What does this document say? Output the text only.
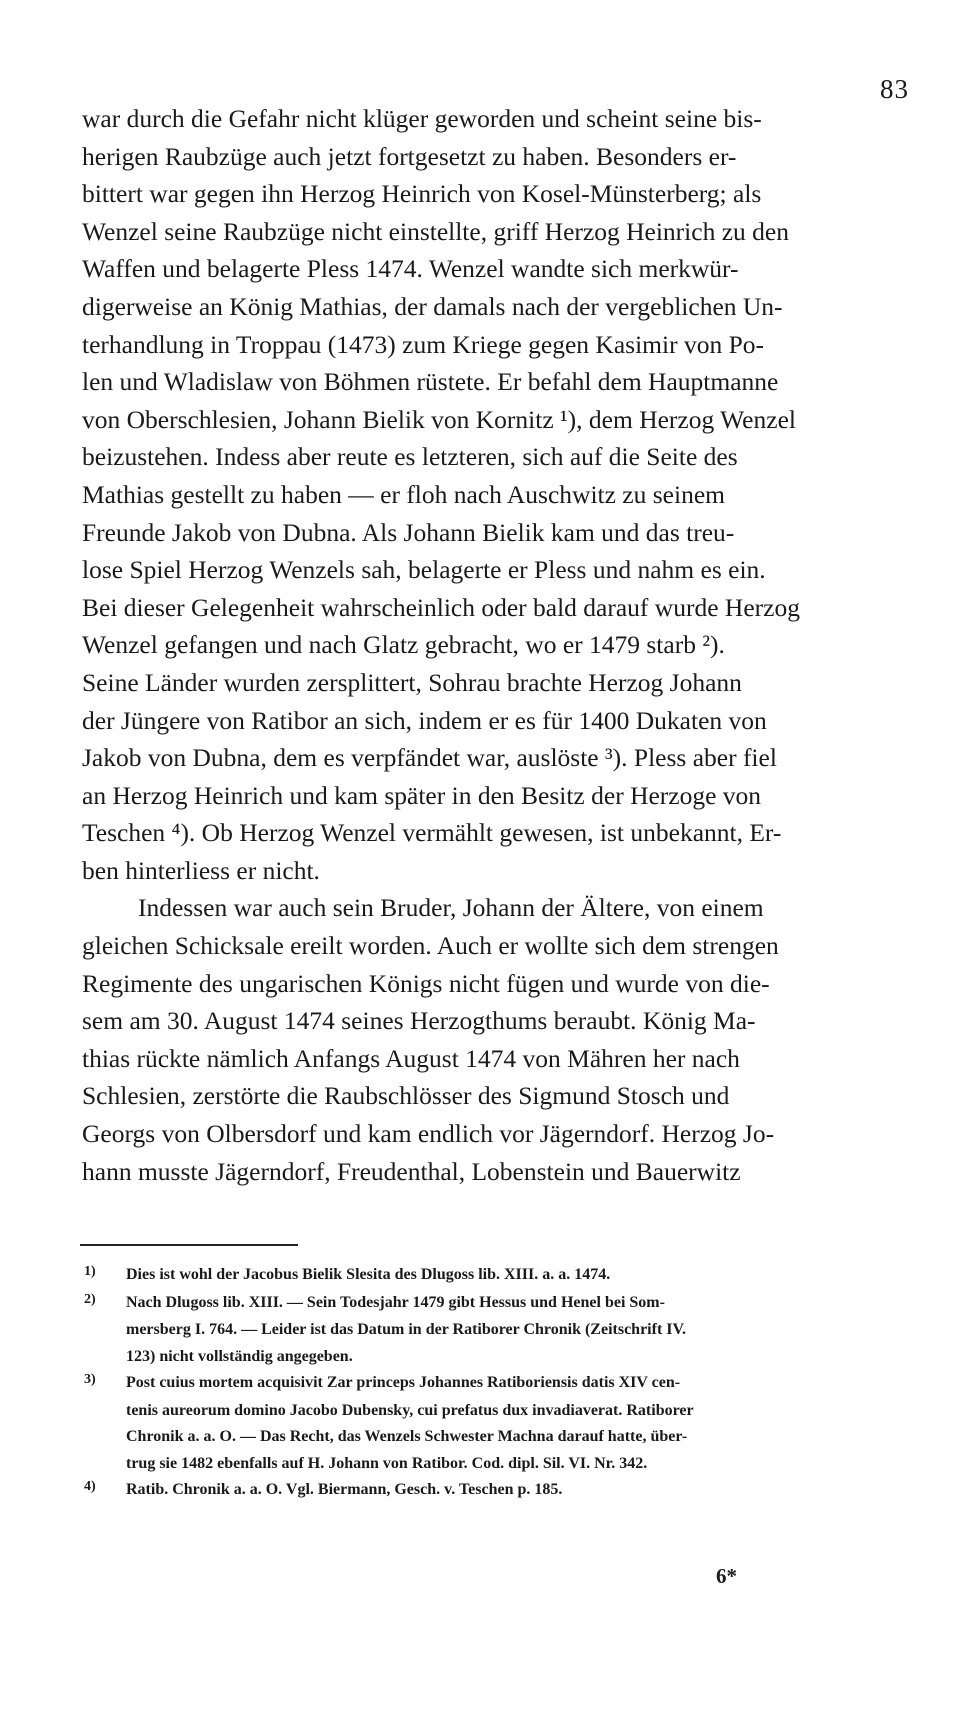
83

war durch die Gefahr nicht klüger geworden und scheint seine bis-
herigen Raubzüge auch jetzt fortgesetzt zu haben. Besonders er-
bittert war gegen ihn Herzog Heinrich von Kosel-Münsterberg; als
Wenzel seine Raubzüge nicht einstellte, griff Herzog Heinrich zu den
Waffen und belagerte Pless 1474. Wenzel wandte sich merkwür-
digerweise an König Mathias, der damals nach der vergeblichen Un-
terhandlung in Troppau (1473) zum Kriege gegen Kasimir von Po-
len und Wladislaw von Böhmen rüstete. Er befahl dem Hauptmanne
von Oberschlesien, Johann Bielik von Kornitz ¹), dem Herzog Wenzel
beizustehen. Indess aber reute es letzteren, sich auf die Seite des
Mathias gestellt zu haben — er floh nach Auschwitz zu seinem
Freunde Jakob von Dubna. Als Johann Bielik kam und das treu-
lose Spiel Herzog Wenzels sah, belagerte er Pless und nahm es ein.
Bei dieser Gelegenheit wahrscheinlich oder bald darauf wurde Herzog
Wenzel gefangen und nach Glatz gebracht, wo er 1479 starb ²).
Seine Länder wurden zersplittert, Sohrau brachte Herzog Johann
der Jüngere von Ratibor an sich, indem er es für 1400 Dukaten von
Jakob von Dubna, dem es verpfändet war, auslöste ³). Pless aber fiel
an Herzog Heinrich und kam später in den Besitz der Herzoge von
Teschen ⁴). Ob Herzog Wenzel vermählt gewesen, ist unbekannt, Er-
ben hinterliess er nicht.

Indessen war auch sein Bruder, Johann der Ältere, von einem
gleichen Schicksale ereilt worden. Auch er wollte sich dem strengen
Regimente des ungarischen Königs nicht fügen und wurde von die-
sem am 30. August 1474 seines Herzogthums beraubt. König Ma-
thias rückte nämlich Anfangs August 1474 von Mähren her nach
Schlesien, zerstörte die Raubschlösser des Sigmund Stosch und
Georgs von Olbersdorf und kam endlich vor Jägerndorf. Herzog Jo-
hann musste Jägerndorf, Freudenthal, Lobenstein und Bauerwitz

1) Dies ist wohl der Jacobus Bielik Slesita des Dlugoss lib. XIII. a. a. 1474.
2) Nach Dlugoss lib. XIII. — Sein Todesjahr 1479 gibt Hessus und Henel bei Som-
mersberg I. 764. — Leider ist das Datum in der Ratiborer Chronik (Zeitschrift IV.
123) nicht vollständig angegeben.
3) Post cuius mortem acquisivit Zar princeps Johannes Ratiboriensis datis XIV cen-
tenis aureorum domino Jacobo Dubensky, cui prefatus dux invadiaverat. Ratiborer
Chronik a. a. O. — Das Recht, das Wenzels Schwester Machna darauf hatte, über-
trug sie 1482 ebenfalls auf H. Johann von Ratibor. Cod. dipl. Sil. VI. Nr. 342.
4) Ratib. Chronik a. a. O. Vgl. Biermann, Gesch. v. Teschen p. 185.
6*
